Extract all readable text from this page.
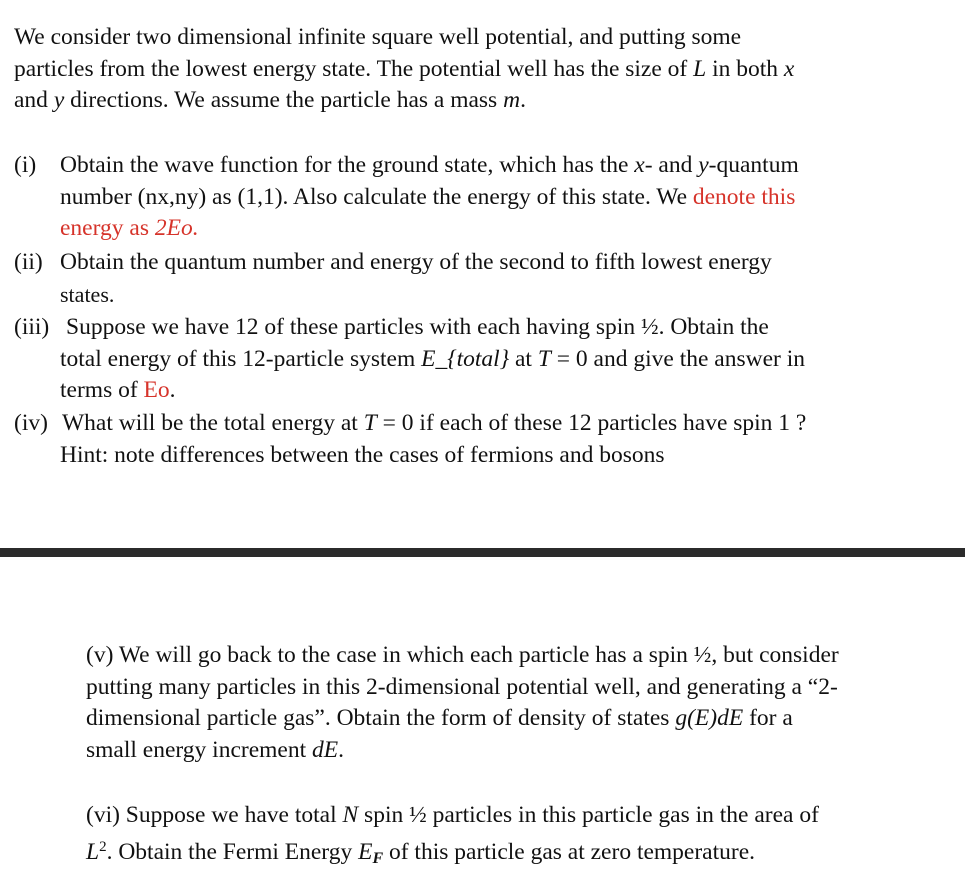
We consider two dimensional infinite square well potential, and putting some
particles from the lowest energy state. The potential well has the size of L in both x
and y directions. We assume the particle has a mass m.
(i) Obtain the wave function for the ground state, which has the x- and y-quantum
number (nx,ny) as (1,1). Also calculate the energy of this state. We denote this
energy as 2Eo.
(ii) Obtain the quantum number and energy of the second to fifth lowest energy
states.
(iii) Suppose we have 12 of these particles with each having spin ½. Obtain the
total energy of this 12-particle system E_{total} at T = 0 and give the answer in
terms of Eo.
(iv) What will be the total energy at T = 0 if each of these 12 particles have spin 1 ?
Hint: note differences between the cases of fermions and bosons
(v) We will go back to the case in which each particle has a spin ½, but consider
putting many particles in this 2-dimensional potential well, and generating a “2-
dimensional particle gas”. Obtain the form of density of states g(E)dE for a
small energy increment dE.
(vi) Suppose we have total N spin ½ particles in this particle gas in the area of
$L^2$. Obtain the Fermi Energy $E_F$ of this particle gas at zero temperature.
